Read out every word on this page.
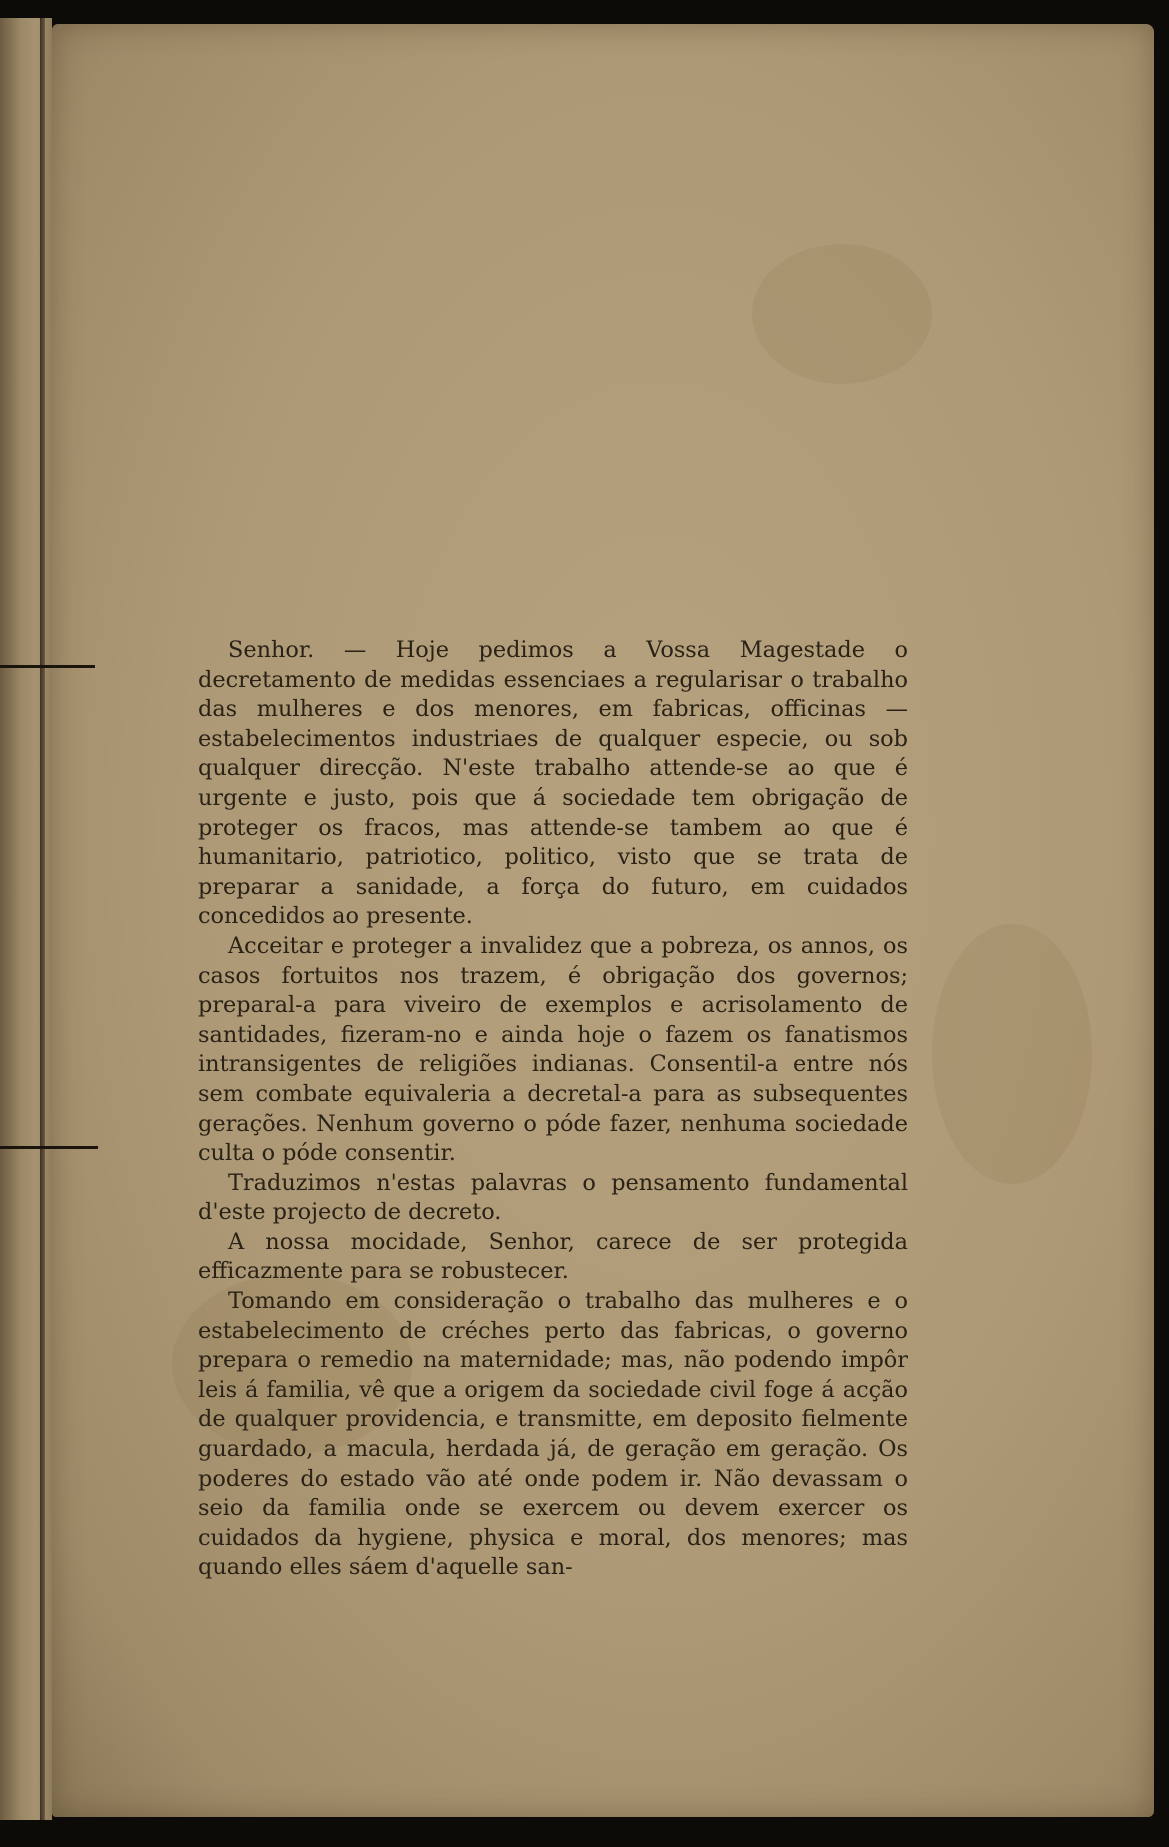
Senhor. — Hoje pedimos a Vossa Magestade o decretamento de medidas essenciaes a regularisar o trabalho das mulheres e dos menores, em fabricas, officinas — estabelecimentos industriaes de qualquer especie, ou sob qualquer direcção. N'este trabalho attende-se ao que é urgente e justo, pois que á sociedade tem obrigação de proteger os fracos, mas attende-se tambem ao que é humanitario, patriotico, politico, visto que se trata de preparar a sanidade, a força do futuro, em cuidados concedidos ao presente.

Acceitar e proteger a invalidez que a pobreza, os annos, os casos fortuitos nos trazem, é obrigação dos governos; preparal-a para viveiro de exemplos e acrisolamento de santidades, fizeram-no e ainda hoje o fazem os fanatismos intransigentes de religiões indianas. Consentil-a entre nós sem combate equivaleria a decretal-a para as subsequentes gerações. Nenhum governo o póde fazer, nenhuma sociedade culta o póde consentir.

Traduzimos n'estas palavras o pensamento fundamental d'este projecto de decreto.

A nossa mocidade, Senhor, carece de ser protegida efficazmente para se robustecer.

Tomando em consideração o trabalho das mulheres e o estabelecimento de créches perto das fabricas, o governo prepara o remedio na maternidade; mas, não podendo impôr leis á familia, vê que a origem da sociedade civil foge á acção de qualquer providencia, e transmitte, em deposito fielmente guardado, a macula, herdada já, de geração em geração. Os poderes do estado vão até onde podem ir. Não devassam o seio da familia onde se exercem ou devem exercer os cuidados da hygiene, physica e moral, dos menores; mas quando elles sáem d'aquelle san-
